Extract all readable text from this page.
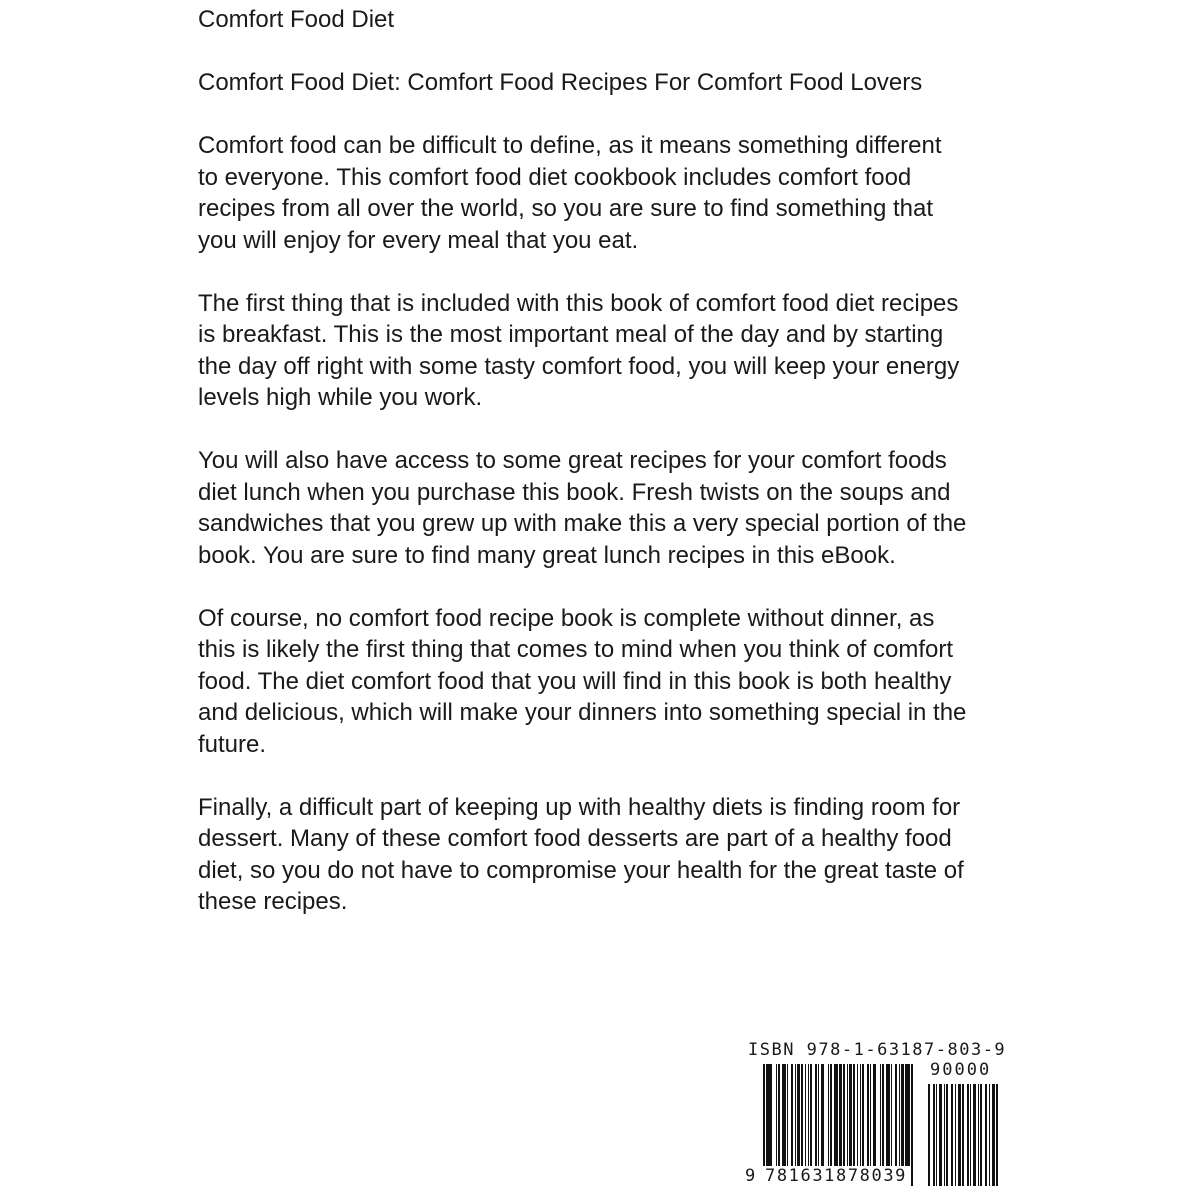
Comfort Food Diet

Comfort Food Diet: Comfort Food Recipes For Comfort Food Lovers

Comfort food can be difficult to define, as it means something different

to everyone. This comfort food diet cookbook includes comfort food

recipes from all over the world, so you are sure to find something that

you will enjoy for every meal that you eat.

The first thing that is included with this book of comfort food diet recipes

is breakfast. This is the most important meal of the day and by starting

the day off right with some tasty comfort food, you will keep your energy

levels high while you work.

You will also have access to some great recipes for your comfort foods

diet lunch when you purchase this book. Fresh twists on the soups and

sandwiches that you grew up with make this a very special portion of the

book. You are sure to find many great lunch recipes in this eBook.

Of course, no comfort food recipe book is complete without dinner, as

this is likely the first thing that comes to mind when you think of comfort

food. The diet comfort food that you will find in this book is both healthy

and delicious, which will make your dinners into something special in the

future.

Finally, a difficult part of keeping up with healthy diets is finding room for

dessert. Many of these comfort food desserts are part of a healthy food

diet, so you do not have to compromise your health for the great taste of

these recipes.

ISBN 978-1-63187-803-9
90000
9 781631878039
